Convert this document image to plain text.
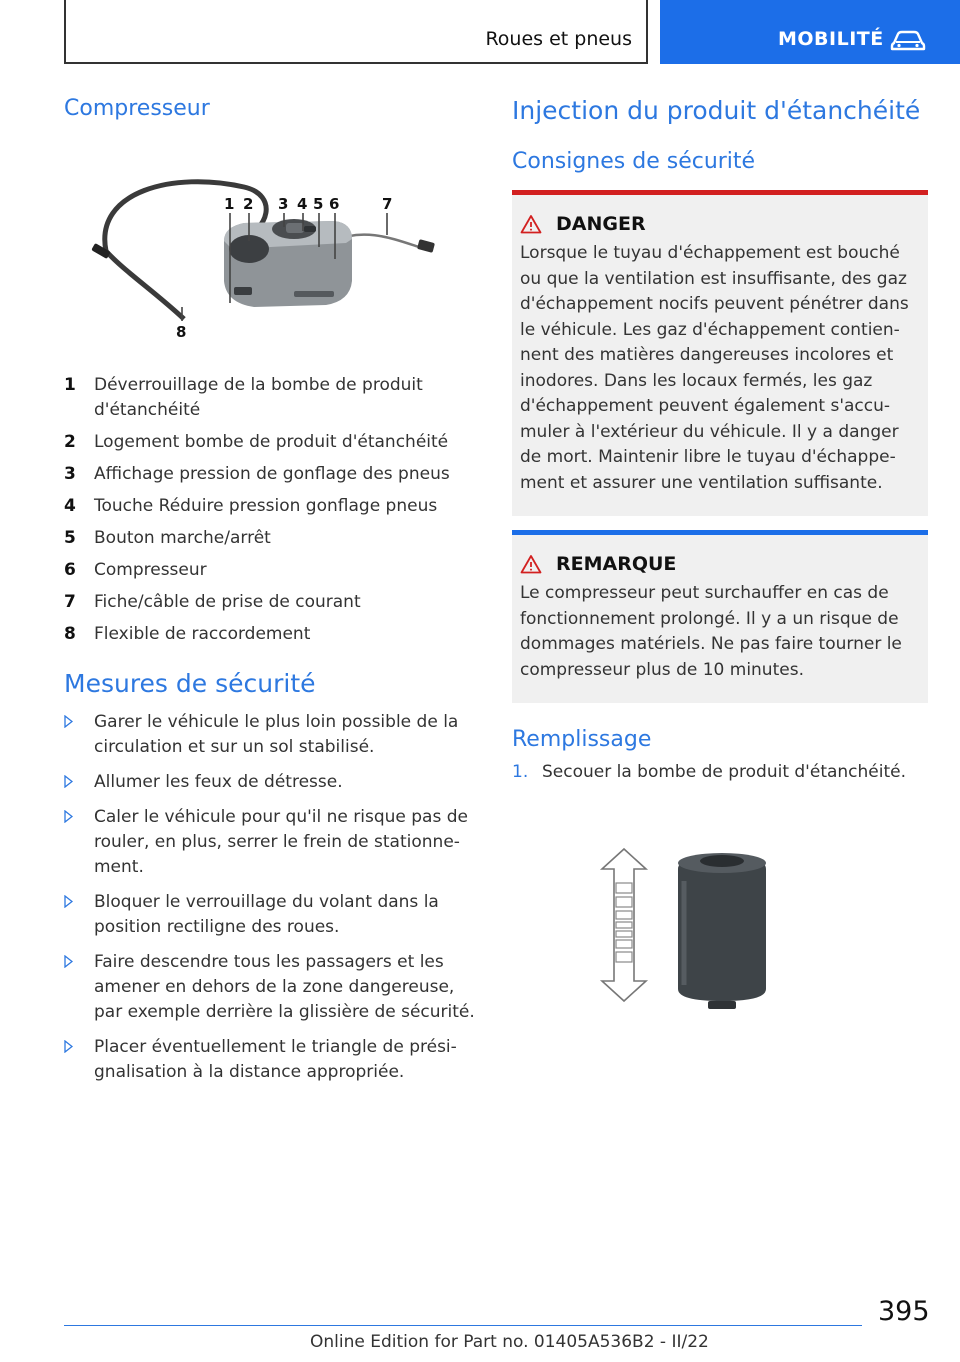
Roues et pneus	MOBILITÉ
Compresseur
1 2 3 4 5 6	7
8
1 Déverrouillage de la bombe de produit d'étanchéité
2 Logement bombe de produit d'étanchéité
3 Affichage pression de gonflage des pneus
4 Touche Réduire pression gonflage pneus
5 Bouton marche/arrêt
6 Compresseur
7 Fiche/câble de prise de courant
8 Flexible de raccordement
Mesures de sécurité
Garer le véhicule le plus loin possible de la circulation et sur un sol stabilisé.
Allumer les feux de détresse.
Caler le véhicule pour qu'il ne risque pas de rouler, en plus, serrer le frein de stationnement.
Bloquer le verrouillage du volant dans la position rectiligne des roues.
Faire descendre tous les passagers et les amener en dehors de la zone dangereuse, par exemple derrière la glissière de sécurité.
Placer éventuellement le triangle de présignalisation à la distance appropriée.
Injection du produit d'étanchéité
Consignes de sécurité
DANGER
Lorsque le tuyau d'échappement est bouché ou que la ventilation est insuffisante, des gaz d'échappement nocifs peuvent pénétrer dans le véhicule. Les gaz d'échappement contiennent des matières dangereuses incolores et inodores. Dans les locaux fermés, les gaz d'échappement peuvent également s'accumuler à l'extérieur du véhicule. Il y a danger de mort. Maintenir libre le tuyau d'échappement et assurer une ventilation suffisante.
REMARQUE
Le compresseur peut surchauffer en cas de fonctionnement prolongé. Il y a un risque de dommages matériels. Ne pas faire tourner le compresseur plus de 10 minutes.
Remplissage
1. Secouer la bombe de produit d'étanchéité.
395
Online Edition for Part no. 01405A536B2 - II/22
